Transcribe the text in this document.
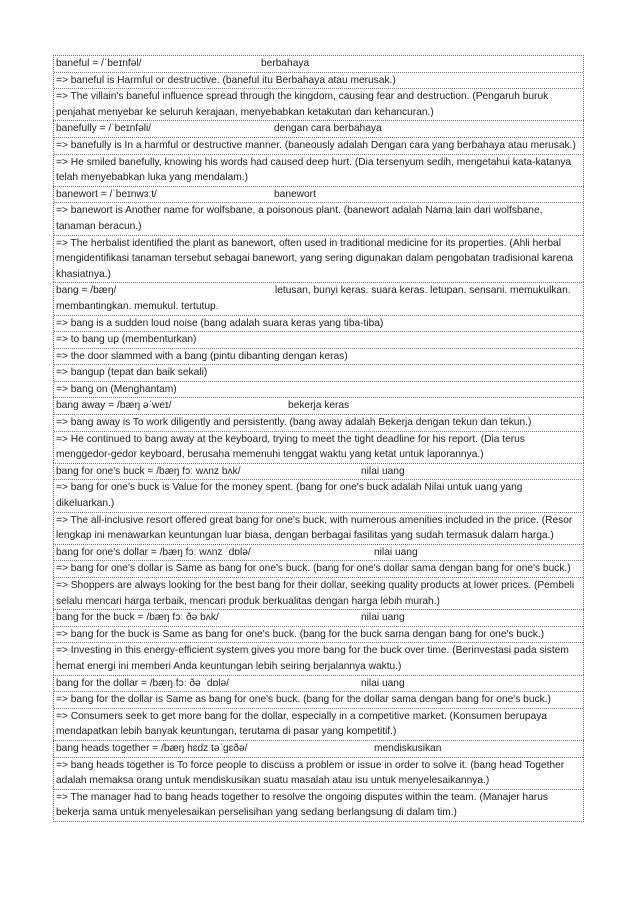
baneful = /ˈbeɪnfəl/	berbahaya
=> baneful is Harmful or destructive. (baneful itu Berbahaya atau merusak.)
=> The villain's baneful influence spread through the kingdom, causing fear and destruction. (Pengaruh buruk penjahat menyebar ke seluruh kerajaan, menyebabkan ketakutan dan kehancuran.)
banefully = /ˈbeɪnfəli/	dengan cara berbahaya
=> banefully is In a harmful or destructive manner. (baneously adalah Dengan cara yang berbahaya atau merusak.)
=> He smiled banefully, knowing his words had caused deep hurt. (Dia tersenyum sedih, mengetahui kata-katanya telah menyebabkan luka yang mendalam.)
banewort = /ˈbeɪnwɜːt/	banewort
=> banewort is Another name for wolfsbane, a poisonous plant. (banewort adalah Nama lain dari wolfsbane, tanaman beracun.)
=> The herbalist identified the plant as banewort, often used in traditional medicine for its properties. (Ahli herbal mengidentifikasi tanaman tersebut sebagai banewort, yang sering digunakan dalam pengobatan tradisional karena khasiatnya.)
bang = /bæŋ/	letusan, bunyi keras. suara keras. letupan. sensani. memukulkan. membantingkan. memukul. tertutup.
=> bang is a sudden loud noise (bang adalah suara keras yang tiba-tiba)
=> to bang up (membenturkan)
=> the door slammed with a bang (pintu dibanting dengan keras)
=> bangup (tepat dan baik sekali)
=> bang on (Menghantam)
bang away = /bæŋ əˈweɪ/	bekerja keras
=> bang away is To work diligently and persistently. (bang away adalah Bekerja dengan tekun dan tekun.)
=> He continued to bang away at the keyboard, trying to meet the tight deadline for his report. (Dia terus menggedor-gedor keyboard, berusaha memenuhi tenggat waktu yang ketat untuk laporannya.)
bang for one's buck = /bæŋ fɔː wʌnz bʌk/	nilai uang
=> bang for one's buck is Value for the money spent. (bang for one's buck adalah Nilai untuk uang yang dikeluarkan.)
=> The all-inclusive resort offered great bang for one's buck, with numerous amenities included in the price. (Resor lengkap ini menawarkan keuntungan luar biasa, dengan berbagai fasilitas yang sudah termasuk dalam harga.)
bang for one's dollar = /bæŋ fɔː wʌnz ˈdɒlə/	nilai uang
=> bang for one's dollar is Same as bang for one's buck. (bang for one's dollar sama dengan bang for one's buck.)
=> Shoppers are always looking for the best bang for their dollar, seeking quality products at lower prices. (Pembeli selalu mencari harga terbaik, mencari produk berkualitas dengan harga lebih murah.)
bang for the buck = /bæŋ fɔː ðə bʌk/	nilai uang
=> bang for the buck is Same as bang for one's buck. (bang for the buck sama dengan bang for one's buck.)
=> Investing in this energy-efficient system gives you more bang for the buck over time. (Berinvestasi pada sistem hemat energi ini memberi Anda keuntungan lebih seiring berjalannya waktu.)
bang for the dollar = /bæŋ fɔː ðə ˈdɒlə/	nilai uang
=> bang for the dollar is Same as bang for one's buck. (bang for the dollar sama dengan bang for one's buck.)
=> Consumers seek to get more bang for the dollar, especially in a competitive market. (Konsumen berupaya mendapatkan lebih banyak keuntungan, terutama di pasar yang kompetitif.)
bang heads together = /bæŋ hɛdz təˈgɛðə/	mendiskusikan
=> bang heads together is To force people to discuss a problem or issue in order to solve it. (bang head Together adalah memaksa orang untuk mendiskusikan suatu masalah atau isu untuk menyelesaikannya.)
=> The manager had to bang heads together to resolve the ongoing disputes within the team. (Manajer harus bekerja sama untuk menyelesaikan perselisihan yang sedang berlangsung di dalam tim.)
